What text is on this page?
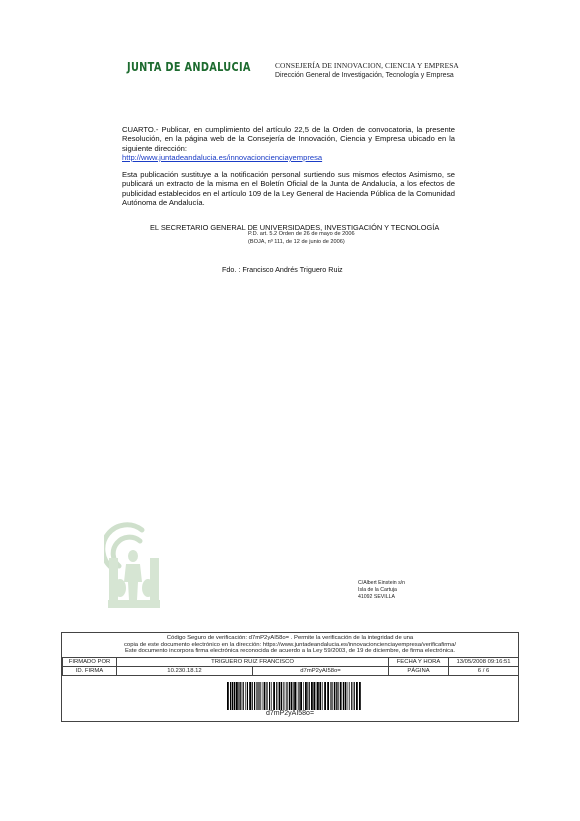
JUNTA DE ANDALUCIA	CONSEJERÍA DE INNOVACION, CIENCIA Y EMPRESA
Dirección General de Investigación, Tecnología y Empresa
CUARTO.- Publicar, en cumplimiento del artículo 22,5 de la Orden de convocatoria, la presente Resolución, en la página web de la Consejería de Innovación, Ciencia y Empresa ubicado en la siguiente dirección:
http://www.juntadeandalucia.es/innovacioncienciayempresa
Esta publicación sustituye a la notificación personal surtiendo sus mismos efectos Asimismo, se publicará un extracto de la misma en el Boletín Oficial de la Junta de Andalucía, a los efectos de publicidad establecidos en el artículo 109 de la Ley General de Hacienda Pública de la Comunidad Autónoma de Andalucía.
EL SECRETARIO GENERAL DE UNIVERSIDADES, INVESTIGACIÓN Y TECNOLOGÍA
P.D. art. 5.2 Orden de 26 de mayo de 2006
(BOJA, nº 111, de 12 de junio de 2006)
Fdo. : Francisco Andrés Triguero Ruiz
C/Albert Einstein s/n
Isla de la Cartuja
41092 SEVILLA
Código Seguro de verificación: d7mP2yAI58o= . Permite la verificación de la integridad de una
copia de este documento electrónico en la dirección: https://www.juntadeandalucia.es/innovacioncienciayempresa/verificafirma/
Este documento incorpora firma electrónica reconocida de acuerdo a la Ley 59/2003, de 19 de diciembre, de firma electrónica.
FIRMADO POR	TRIGUERO RUIZ FRANCISCO		FECHA Y HORA	13/05/2008 09:16:51
ID. FIRMA	10.230.18.12	d7mP2yAI58o=	PÁGINA	6 / 6
d7mP2yAI58o=
